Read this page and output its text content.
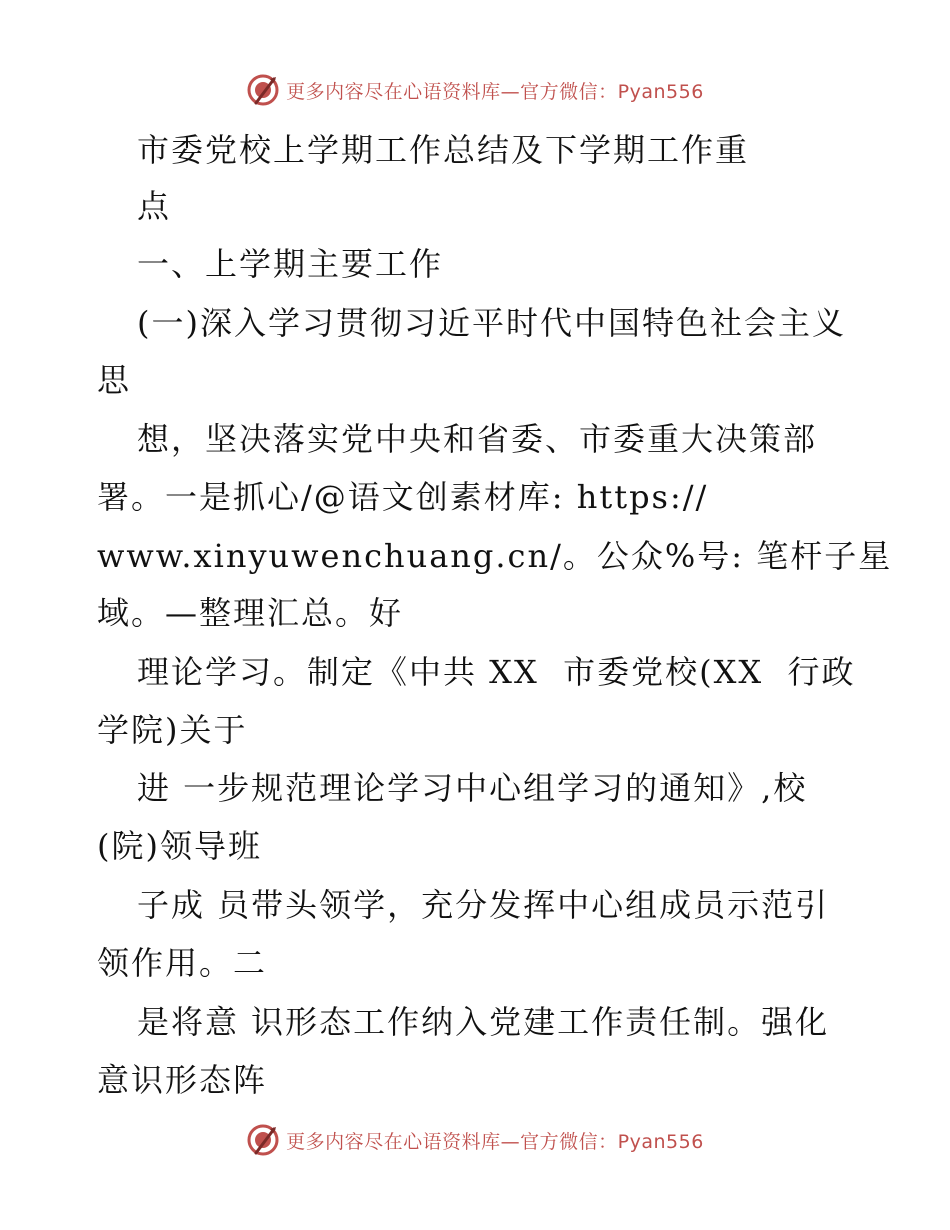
更多内容尽在心语资料库—官方微信：Pyan556
市委党校上学期工作总结及下学期工作重
点
一、上学期主要工作
(一)深入学习贯彻习近平时代中国特色社会主义
思
想，坚决落实党中央和省委、市委重大决策部
署。一是抓心/@语文创素材库: https://
www.xinyuwenchuang.cn/。公众%号: 笔杆子星
域。—整理汇总。好
理论学习。制定《中共 XX  市委党校(XX  行政
学院)关于
进 一步规范理论学习中心组学习的通知》,校
(院)领导班
子成 员带头领学，充分发挥中心组成员示范引
领作用。二
是将意 识形态工作纳入党建工作责任制。强化
意识形态阵
更多内容尽在心语资料库—官方微信：Pyan556
